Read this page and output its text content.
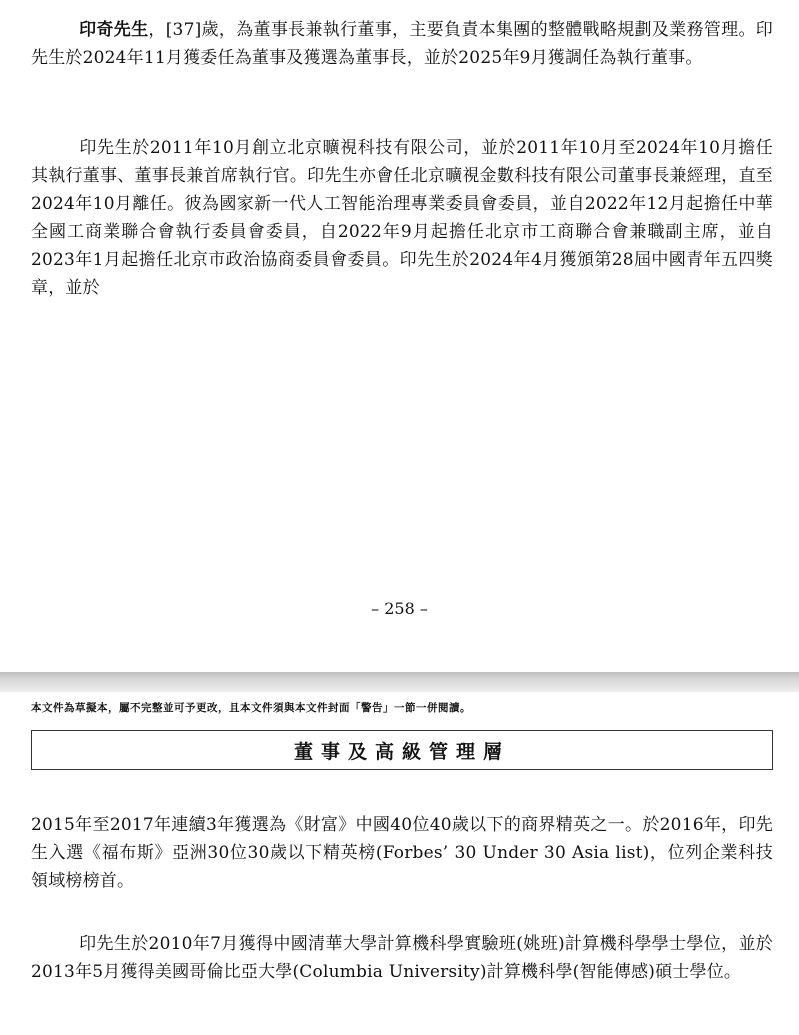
印奇先生，[37]歲，為董事長兼執行董事，主要負責本集團的整體戰略規劃及業務管理。印先生於2024年11月獲委任為董事及獲選為董事長，並於2025年9月獲調任為執行董事。

印先生於2011年10月創立北京曠視科技有限公司，並於2011年10月至2024年10月擔任其執行董事、董事長兼首席執行官。印先生亦會任北京曠視金數科技有限公司董事長兼經理，直至2024年10月離任。彼為國家新一代人工智能治理專業委員會委員，並自2022年12月起擔任中華全國工商業聯合會執行委員會委員，自2022年9月起擔任北京市工商聯合會兼職副主席，並自2023年1月起擔任北京市政治協商委員會委員。印先生於2024年4月獲頒第28屆中國青年五四獎章，並於

– 258 –
本文件為草擬本，屬不完整並可予更改，且本文件須與本文件封面「警告」一節一併閱讀。
董事及高級管理層

2015年至2017年連續3年獲選為《財富》中國40位40歲以下的商界精英之一。於2016年，印先生入選《福布斯》亞洲30位30歲以下精英榜(Forbes’ 30 Under 30 Asia list)，位列企業科技領域榜榜首。

印先生於2010年7月獲得中國清華大學計算機科學實驗班(姚班)計算機科學學士學位，並於2013年5月獲得美國哥倫比亞大學(Columbia University)計算機科學(智能傳感)碩士學位。
